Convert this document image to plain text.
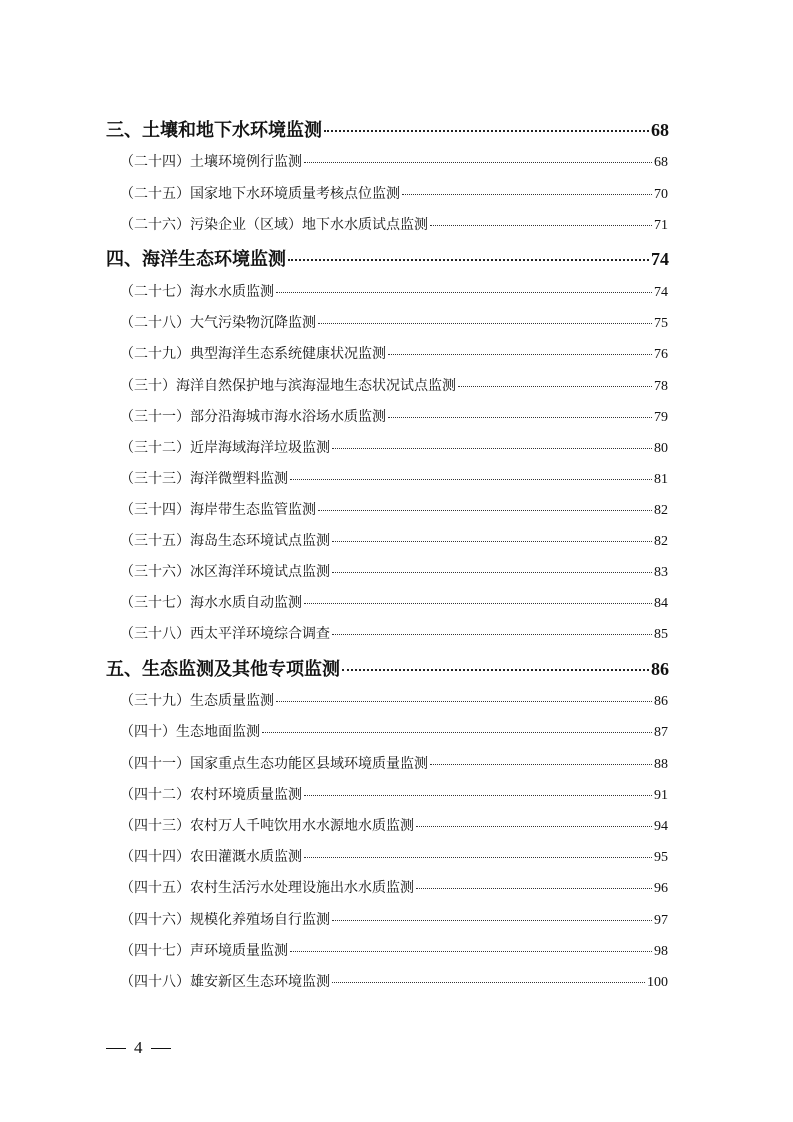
三、土壤和地下水环境监测	68
（二十四）土壤环境例行监测	68
（二十五）国家地下水环境质量考核点位监测	70
（二十六）污染企业（区域）地下水水质试点监测	71
四、海洋生态环境监测	74
（二十七）海水水质监测	74
（二十八）大气污染物沉降监测	75
（二十九）典型海洋生态系统健康状况监测	76
（三十）海洋自然保护地与滨海湿地生态状况试点监测	78
（三十一）部分沿海城市海水浴场水质监测	79
（三十二）近岸海域海洋垃圾监测	80
（三十三）海洋微塑料监测	81
（三十四）海岸带生态监管监测	82
（三十五）海岛生态环境试点监测	82
（三十六）冰区海洋环境试点监测	83
（三十七）海水水质自动监测	84
（三十八）西太平洋环境综合调查	85
五、生态监测及其他专项监测	86
（三十九）生态质量监测	86
（四十）生态地面监测	87
（四十一）国家重点生态功能区县域环境质量监测	88
（四十二）农村环境质量监测	91
（四十三）农村万人千吨饮用水水源地水质监测	94
（四十四）农田灌溉水质监测	95
（四十五）农村生活污水处理设施出水水质监测	96
（四十六）规模化养殖场自行监测	97
（四十七）声环境质量监测	98
（四十八）雄安新区生态环境监测	100
4
